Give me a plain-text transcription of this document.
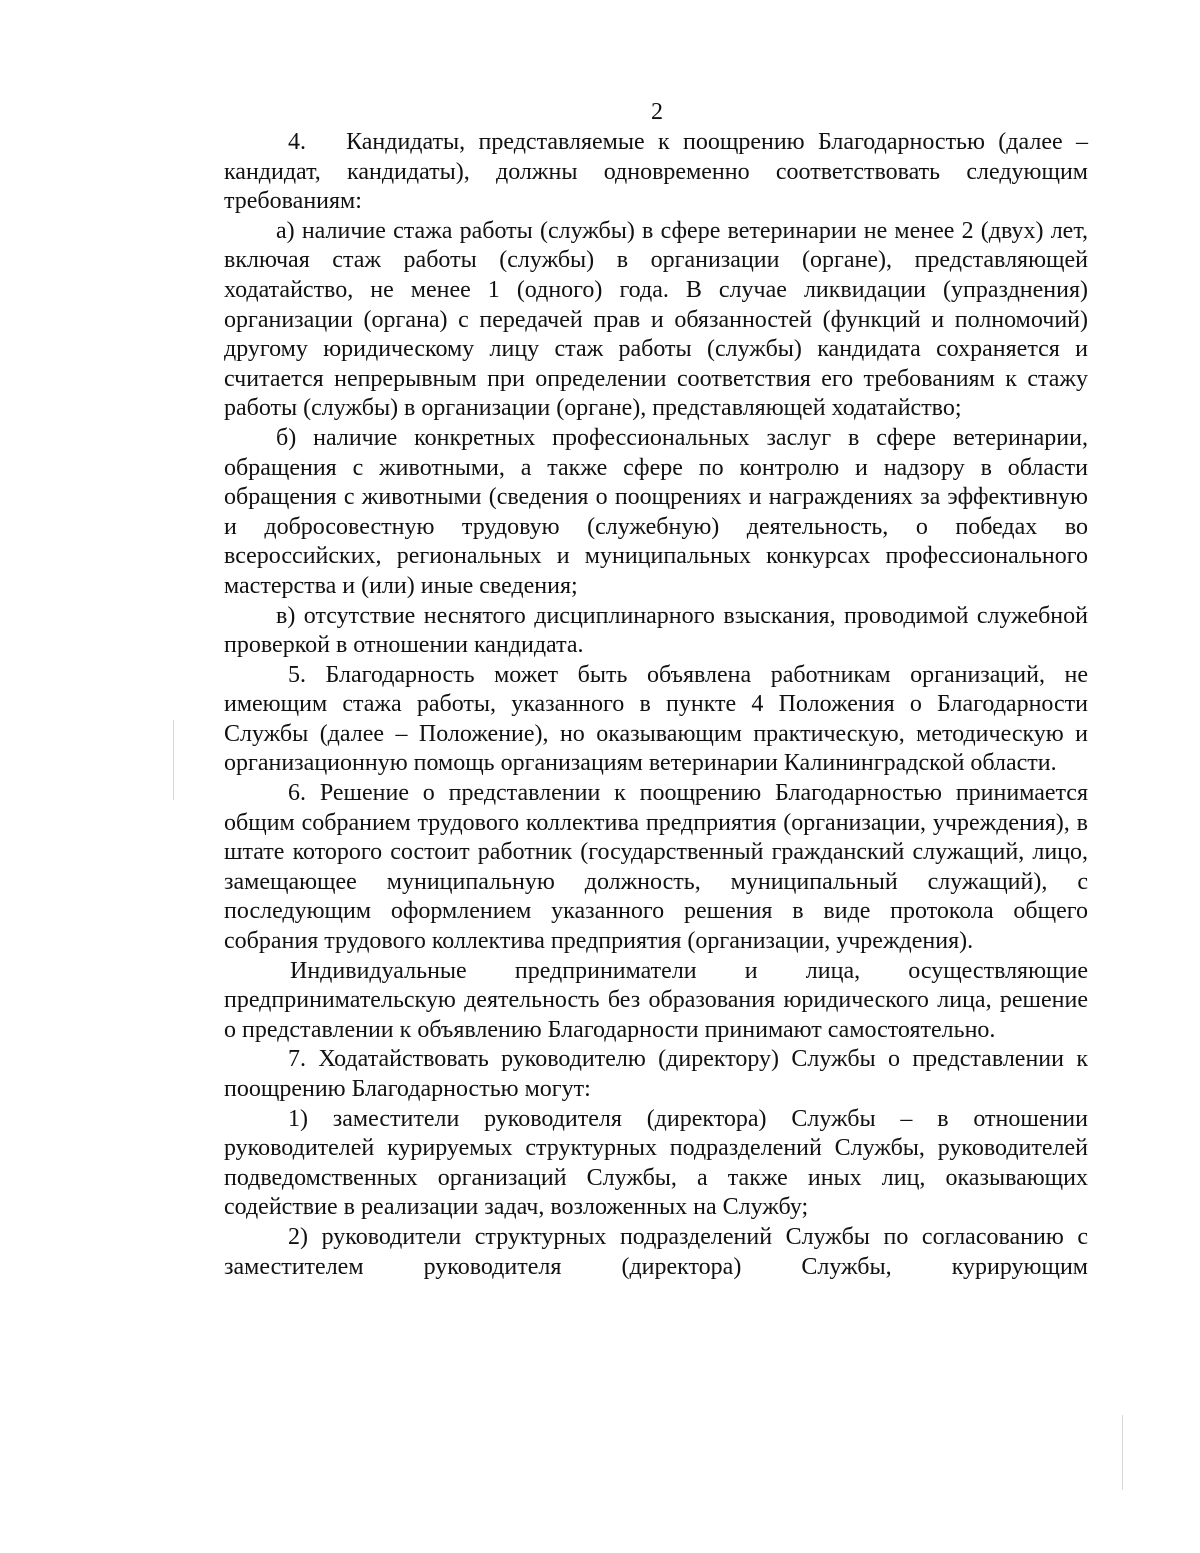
2

4.   Кандидаты, представляемые к поощрению Благодарностью (далее – кандидат, кандидаты), должны одновременно соответствовать следующим требованиям:

а) наличие стажа работы (службы) в сфере ветеринарии не менее 2 (двух) лет, включая стаж работы (службы) в организации (органе), представляющей ходатайство, не менее 1 (одного) года. В случае ликвидации (упразднения) организации (органа) с передачей прав и обязанностей (функций и полномочий) другому юридическому лицу стаж работы (службы) кандидата сохраняется и считается непрерывным при определении соответствия его требованиям к стажу работы (службы) в организации (органе), представляющей ходатайство;

б) наличие конкретных профессиональных заслуг в сфере ветеринарии, обращения с животными, а также сфере по контролю и надзору в области обращения с животными (сведения о поощрениях и награждениях за эффективную и добросовестную трудовую (служебную) деятельность, о победах во всероссийских, региональных и муниципальных конкурсах профессионального мастерства и (или) иные сведения;

в) отсутствие неснятого дисциплинарного взыскания, проводимой служебной проверкой в отношении кандидата.

5. Благодарность может быть объявлена работникам организаций, не имеющим стажа работы, указанного в пункте 4 Положения о Благодарности Службы (далее – Положение), но оказывающим практическую, методическую и организационную помощь организациям ветеринарии Калининградской области.

6. Решение о представлении к поощрению Благодарностью принимается общим собранием трудового коллектива предприятия (организации, учреждения), в штате которого состоит работник (государственный гражданский служащий, лицо, замещающее муниципальную должность, муниципальный служащий), с последующим оформлением указанного решения в виде протокола общего собрания трудового коллектива предприятия (организации, учреждения).

Индивидуальные предприниматели и лица, осуществляющие предпринимательскую деятельность без образования юридического лица, решение о представлении к объявлению Благодарности принимают самостоятельно.

7. Ходатайствовать руководителю (директору) Службы о представлении к поощрению Благодарностью могут:

1) заместители руководителя (директора) Службы – в отношении руководителей курируемых структурных подразделений Службы, руководителей подведомственных организаций Службы, а также иных лиц, оказывающих содействие в реализации задач, возложенных на Службу;

2) руководители структурных подразделений Службы по согласованию с заместителем руководителя (директора) Службы, курирующим
